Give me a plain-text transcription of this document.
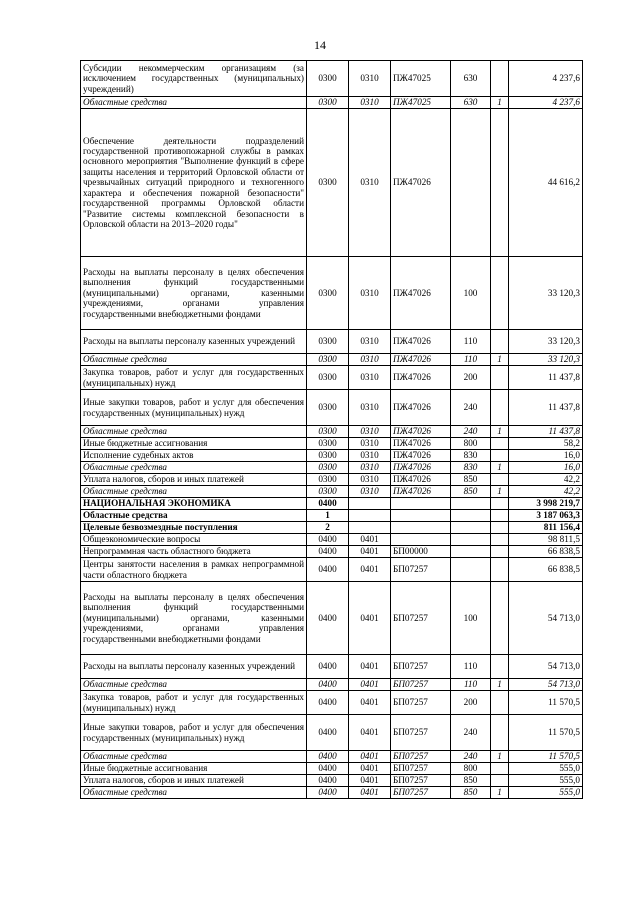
14
Субсидии некоммерческим организациям (за исключением государственных (муниципальных) учреждений)	0300	0310	ПЖ47025	630		4 237,6
Областные средства	0300	0310	ПЖ47025	630	1	4 237,6
Обеспечение деятельности подразделений государственной противопожарной службы в рамках основного мероприятия "Выполнение функций в сфере защиты населения и территорий Орловской области от чрезвычайных ситуаций природного и техногенного характера и обеспечения пожарной безопасности" государственной программы Орловской области "Развитие системы комплексной безопасности в Орловской области на 2013–2020 годы"	0300	0310	ПЖ47026			44 616,2
Расходы на выплаты персоналу в целях обеспечения выполнения функций государственными (муниципальными) органами, казенными учреждениями, органами управления государственными внебюджетными фондами	0300	0310	ПЖ47026	100		33 120,3
Расходы на выплаты персоналу казенных учреждений	0300	0310	ПЖ47026	110		33 120,3
Областные средства	0300	0310	ПЖ47026	110	1	33 120,3
Закупка товаров, работ и услуг для государственных (муниципальных) нужд	0300	0310	ПЖ47026	200		11 437,8
Иные закупки товаров, работ и услуг для обеспечения государственных (муниципальных) нужд	0300	0310	ПЖ47026	240		11 437,8
Областные средства	0300	0310	ПЖ47026	240	1	11 437,8
Иные бюджетные ассигнования	0300	0310	ПЖ47026	800		58,2
Исполнение судебных актов	0300	0310	ПЖ47026	830		16,0
Областные средства	0300	0310	ПЖ47026	830	1	16,0
Уплата налогов, сборов и иных платежей	0300	0310	ПЖ47026	850		42,2
Областные средства	0300	0310	ПЖ47026	850	1	42,2
НАЦИОНАЛЬНАЯ ЭКОНОМИКА	0400					3 998 219,7
Областные средства	1					3 187 063,3
Целевые безвозмездные поступления	2					811 156,4
Общеэкономические вопросы	0400	0401				98 811,5
Непрограммная часть областного бюджета	0400	0401	БП00000			66 838,5
Центры занятости населения в рамках непрограммной части областного бюджета	0400	0401	БП07257			66 838,5
Расходы на выплаты персоналу в целях обеспечения выполнения функций государственными (муниципальными) органами, казенными учреждениями, органами управления государственными внебюджетными фондами	0400	0401	БП07257	100		54 713,0
Расходы на выплаты персоналу казенных учреждений	0400	0401	БП07257	110		54 713,0
Областные средства	0400	0401	БП07257	110	1	54 713,0
Закупка товаров, работ и услуг для государственных (муниципальных) нужд	0400	0401	БП07257	200		11 570,5
Иные закупки товаров, работ и услуг для обеспечения государственных (муниципальных) нужд	0400	0401	БП07257	240		11 570,5
Областные средства	0400	0401	БП07257	240	1	11 570,5
Иные бюджетные ассигнования	0400	0401	БП07257	800		555,0
Уплата налогов, сборов и иных платежей	0400	0401	БП07257	850		555,0
Областные средства	0400	0401	БП07257	850	1	555,0
